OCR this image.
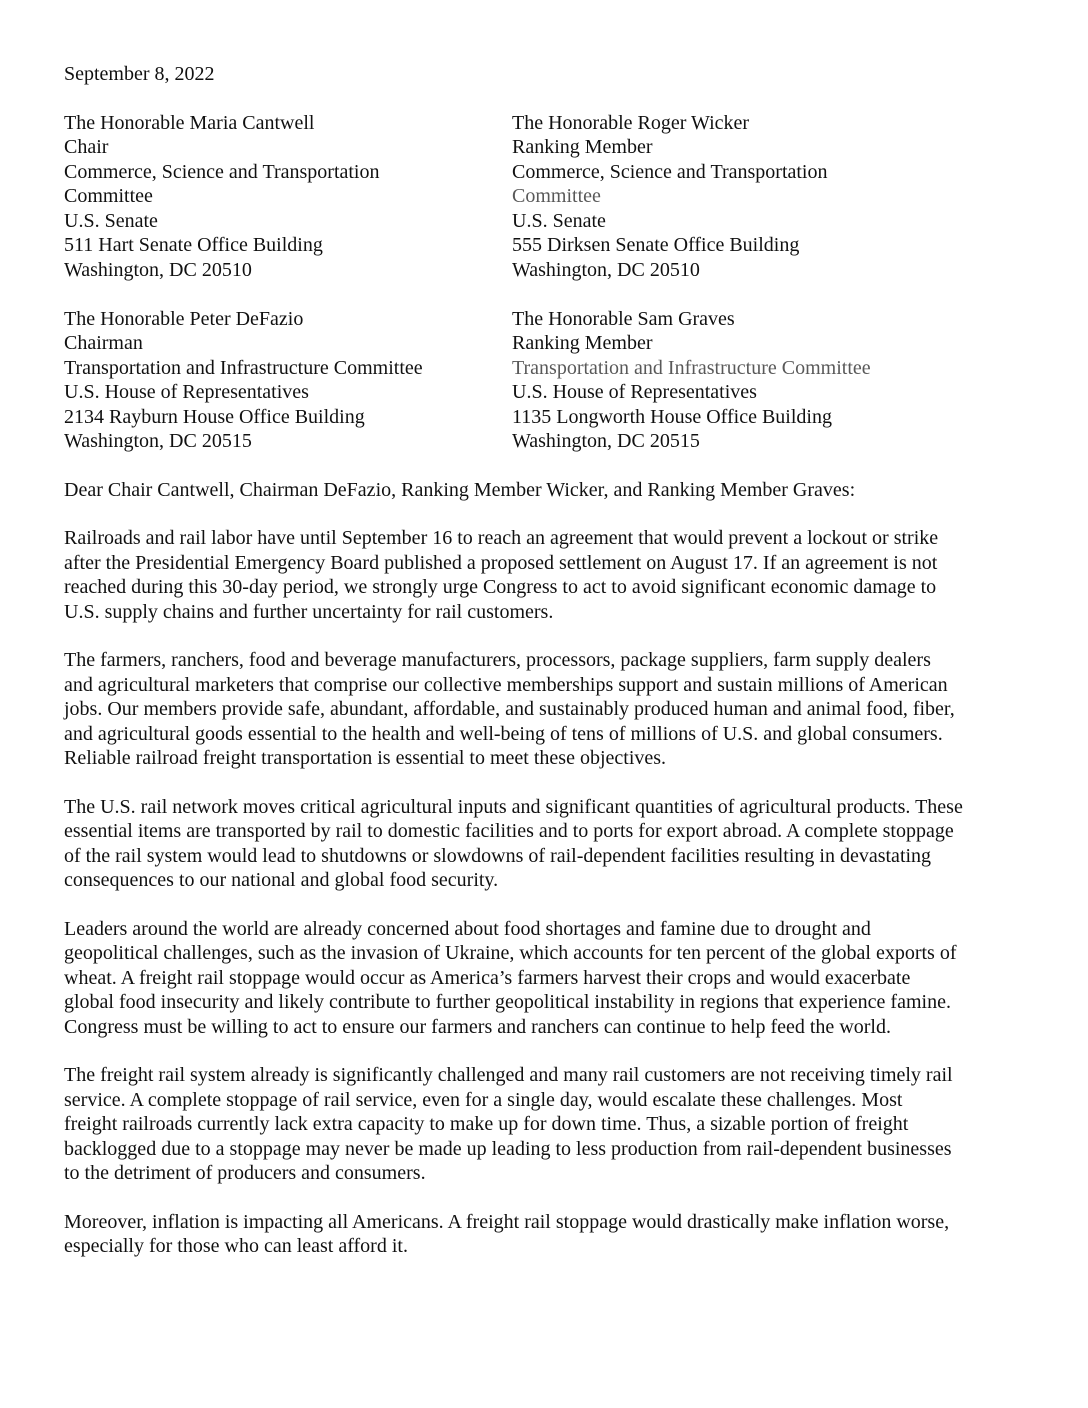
September 8, 2022
The Honorable Maria Cantwell
Chair
Commerce, Science and Transportation
Committee
U.S. Senate
511 Hart Senate Office Building
Washington, DC 20510
The Honorable Roger Wicker
Ranking Member
Commerce, Science and Transportation
Committee
U.S. Senate
555 Dirksen Senate Office Building
Washington, DC 20510
The Honorable Peter DeFazio
Chairman
Transportation and Infrastructure Committee
U.S. House of Representatives
2134 Rayburn House Office Building
Washington, DC 20515
The Honorable Sam Graves
Ranking Member
Transportation and Infrastructure Committee
U.S. House of Representatives
1135 Longworth House Office Building
Washington, DC 20515
Dear Chair Cantwell, Chairman DeFazio, Ranking Member Wicker, and Ranking Member Graves:
Railroads and rail labor have until September 16 to reach an agreement that would prevent a lockout or strike
after the Presidential Emergency Board published a proposed settlement on August 17. If an agreement is not
reached during this 30-day period, we strongly urge Congress to act to avoid significant economic damage to
U.S. supply chains and further uncertainty for rail customers.
The farmers, ranchers, food and beverage manufacturers, processors, package suppliers, farm supply dealers
and agricultural marketers that comprise our collective memberships support and sustain millions of American
jobs. Our members provide safe, abundant, affordable, and sustainably produced human and animal food, fiber,
and agricultural goods essential to the health and well-being of tens of millions of U.S. and global consumers.
Reliable railroad freight transportation is essential to meet these objectives.
The U.S. rail network moves critical agricultural inputs and significant quantities of agricultural products. These
essential items are transported by rail to domestic facilities and to ports for export abroad. A complete stoppage
of the rail system would lead to shutdowns or slowdowns of rail-dependent facilities resulting in devastating
consequences to our national and global food security.
Leaders around the world are already concerned about food shortages and famine due to drought and
geopolitical challenges, such as the invasion of Ukraine, which accounts for ten percent of the global exports of
wheat. A freight rail stoppage would occur as America’s farmers harvest their crops and would exacerbate
global food insecurity and likely contribute to further geopolitical instability in regions that experience famine.
Congress must be willing to act to ensure our farmers and ranchers can continue to help feed the world.
The freight rail system already is significantly challenged and many rail customers are not receiving timely rail
service. A complete stoppage of rail service, even for a single day, would escalate these challenges. Most
freight railroads currently lack extra capacity to make up for down time. Thus, a sizable portion of freight
backlogged due to a stoppage may never be made up leading to less production from rail-dependent businesses
to the detriment of producers and consumers.
Moreover, inflation is impacting all Americans. A freight rail stoppage would drastically make inflation worse,
especially for those who can least afford it.
